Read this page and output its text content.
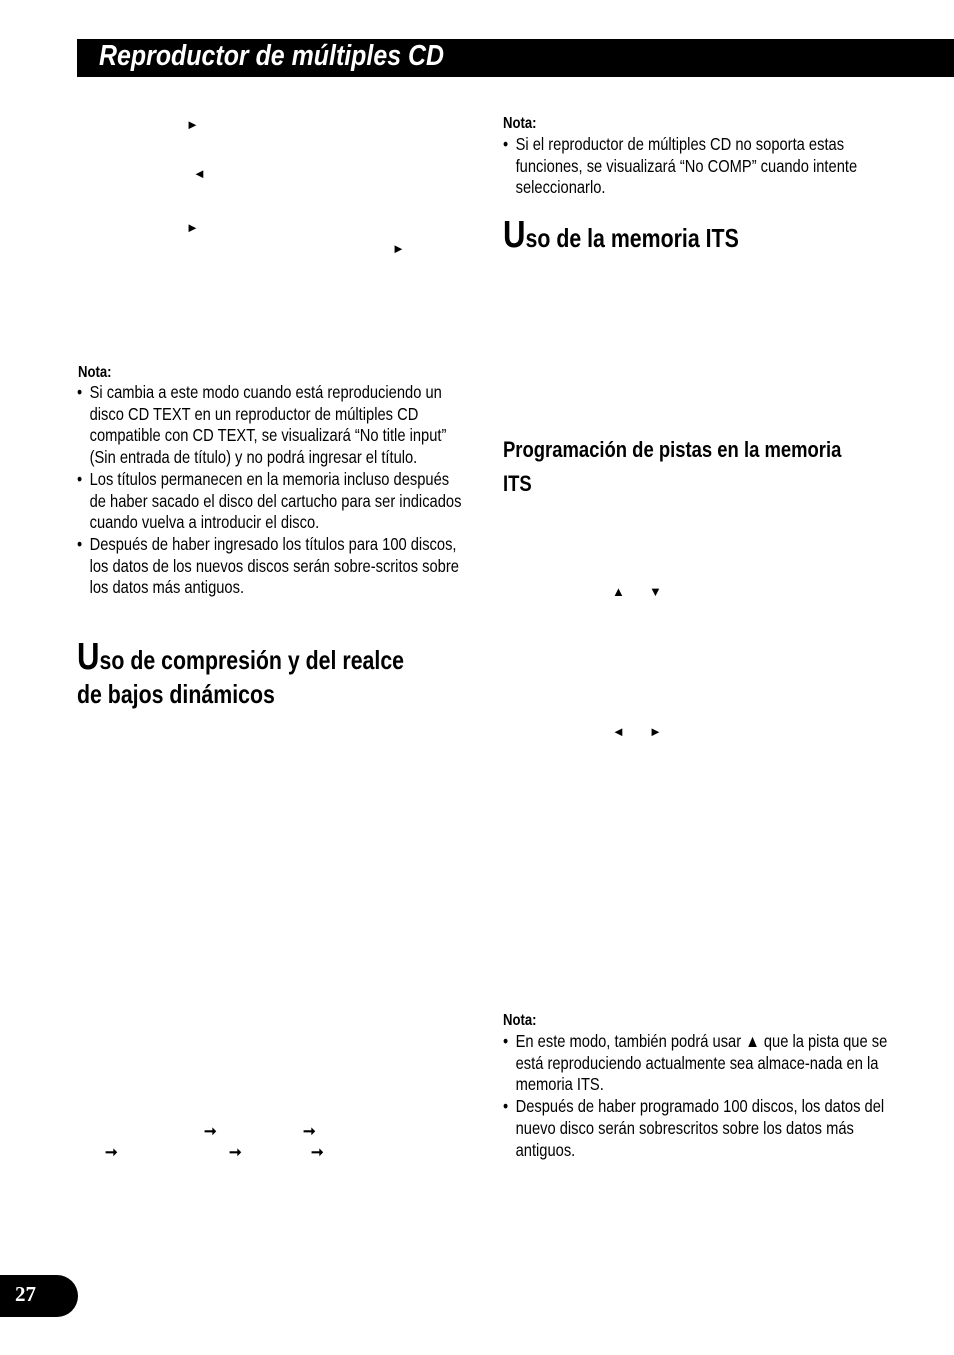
Reproductor de múltiples CD
►
◄
►
►
Nota:
• Si cambia a este modo cuando está reproduciendo un disco CD TEXT en un reproductor de múltiples CD compatible con CD TEXT, se visualizará “No title input” (Sin entrada de título) y no podrá ingresar el título.
• Los títulos permanecen en la memoria incluso después de haber sacado el disco del cartucho para ser indicados cuando vuelva a introducir el disco.
• Después de haber ingresado los títulos para 100 discos, los datos de los nuevos discos serán sobre-scritos sobre los datos más antiguos.
Uso de compresión y del realce
de bajos dinámicos
➞	➞
➞	➞	➞
Nota:
• Si el reproductor de múltiples CD no soporta estas funciones, se visualizará “No COMP” cuando intente seleccionarlo.
Uso de la memoria ITS
Programación de pistas en la memoria
ITS
▲ ▼
◄ ►
Nota:
• En este modo, también podrá usar ▲ que la pista que se está reproduciendo actualmente sea almace-nada en la memoria ITS.
• Después de haber programado 100 discos, los datos del nuevo disco serán sobrescritos sobre los datos más antiguos.
27
